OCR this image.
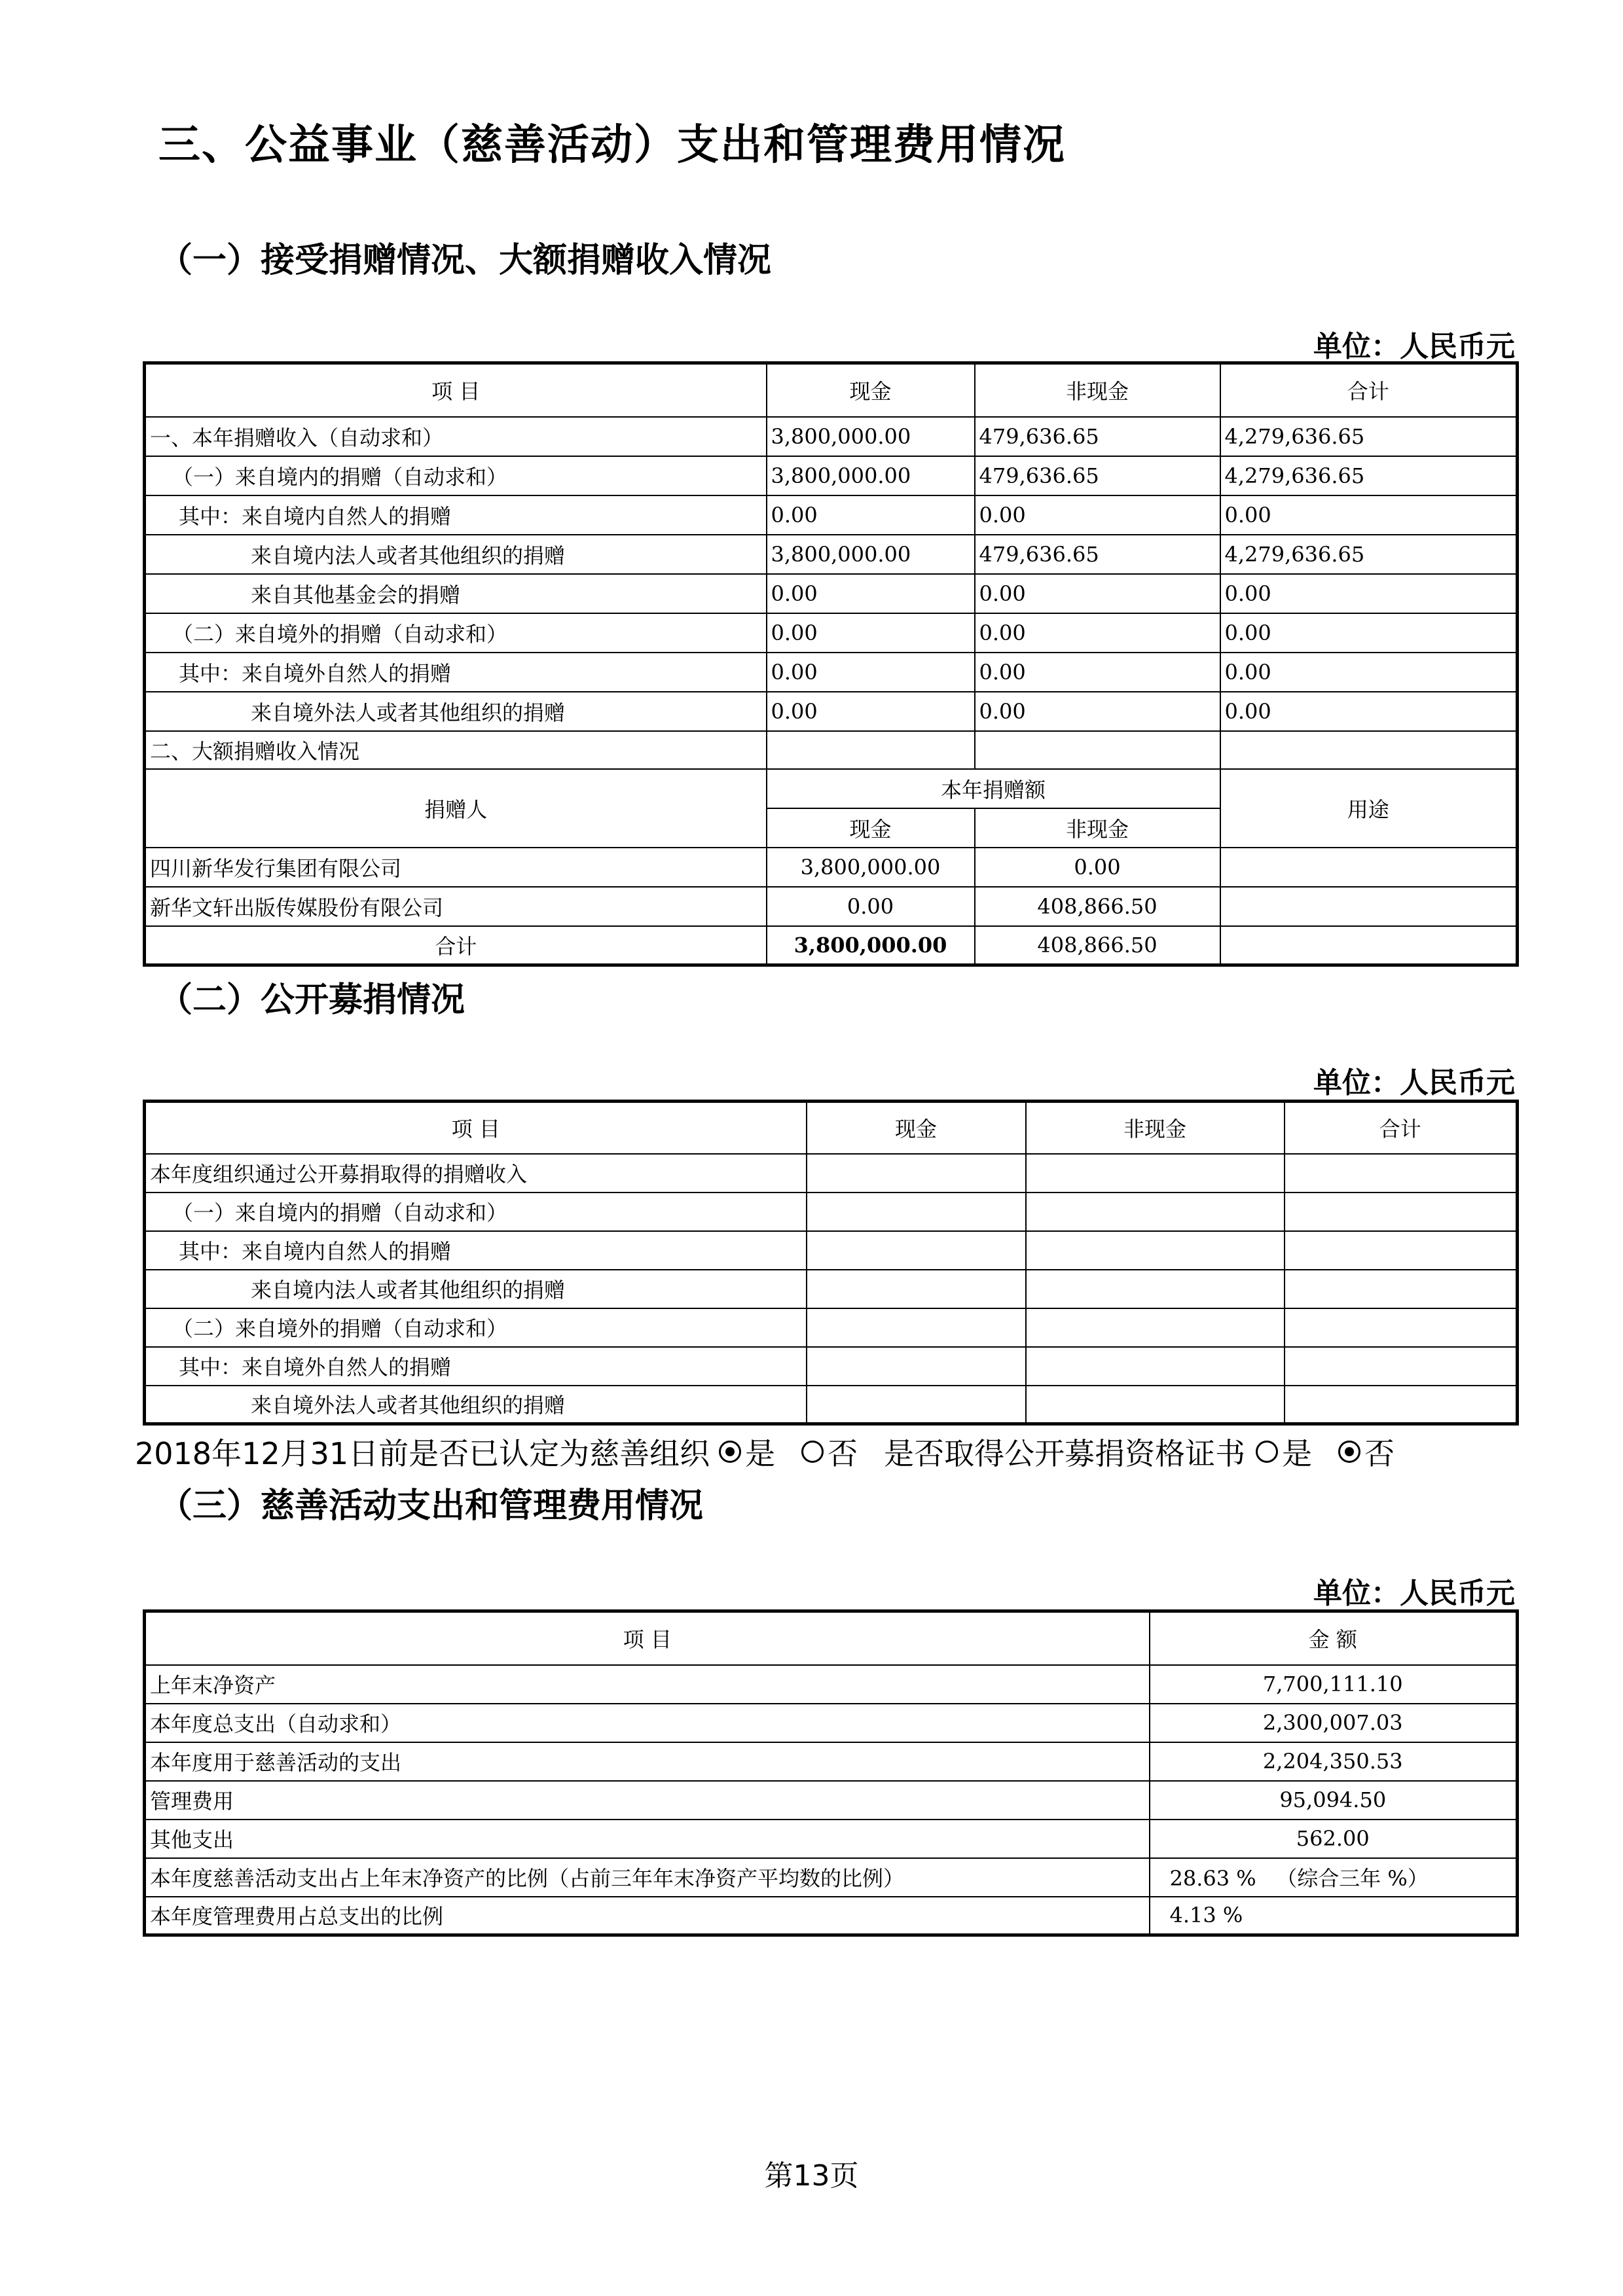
三、公益事业（慈善活动）支出和管理费用情况
（一）接受捐赠情况、大额捐赠收入情况
单位：人民币元
项 目	现金	非现金	合计
一、本年捐赠收入（自动求和）	3,800,000.00	479,636.65	4,279,636.65
（一）来自境内的捐赠（自动求和）	3,800,000.00	479,636.65	4,279,636.65
其中：来自境内自然人的捐赠	0.00	0.00	0.00
来自境内法人或者其他组织的捐赠	3,800,000.00	479,636.65	4,279,636.65
来自其他基金会的捐赠	0.00	0.00	0.00
（二）来自境外的捐赠（自动求和）	0.00	0.00	0.00
其中：来自境外自然人的捐赠	0.00	0.00	0.00
来自境外法人或者其他组织的捐赠	0.00	0.00	0.00
二、大额捐赠收入情况			
捐赠人	本年捐赠额		用途
	现金	非现金	
四川新华发行集团有限公司	3,800,000.00	0.00	
新华文轩出版传媒股份有限公司	0.00	408,866.50	
合计	3,800,000.00	408,866.50	
（二）公开募捐情况
单位：人民币元
项 目	现金	非现金	合计
本年度组织通过公开募捐取得的捐赠收入			
（一）来自境内的捐赠（自动求和）			
其中：来自境内自然人的捐赠			
来自境内法人或者其他组织的捐赠			
（二）来自境外的捐赠（自动求和）			
其中：来自境外自然人的捐赠			
来自境外法人或者其他组织的捐赠			
2018年12月31日前是否已认定为慈善组织 是 否 是否取得公开募捐资格证书 是 否
（三）慈善活动支出和管理费用情况
单位：人民币元
项 目	金 额
上年末净资产	7,700,111.10
本年度总支出（自动求和）	2,300,007.03
本年度用于慈善活动的支出	2,204,350.53
管理费用	95,094.50
其他支出	562.00
本年度慈善活动支出占上年末净资产的比例（占前三年年末净资产平均数的比例）	28.63 %   （综合三年 %）
本年度管理费用占总支出的比例	4.13 %
第13页
